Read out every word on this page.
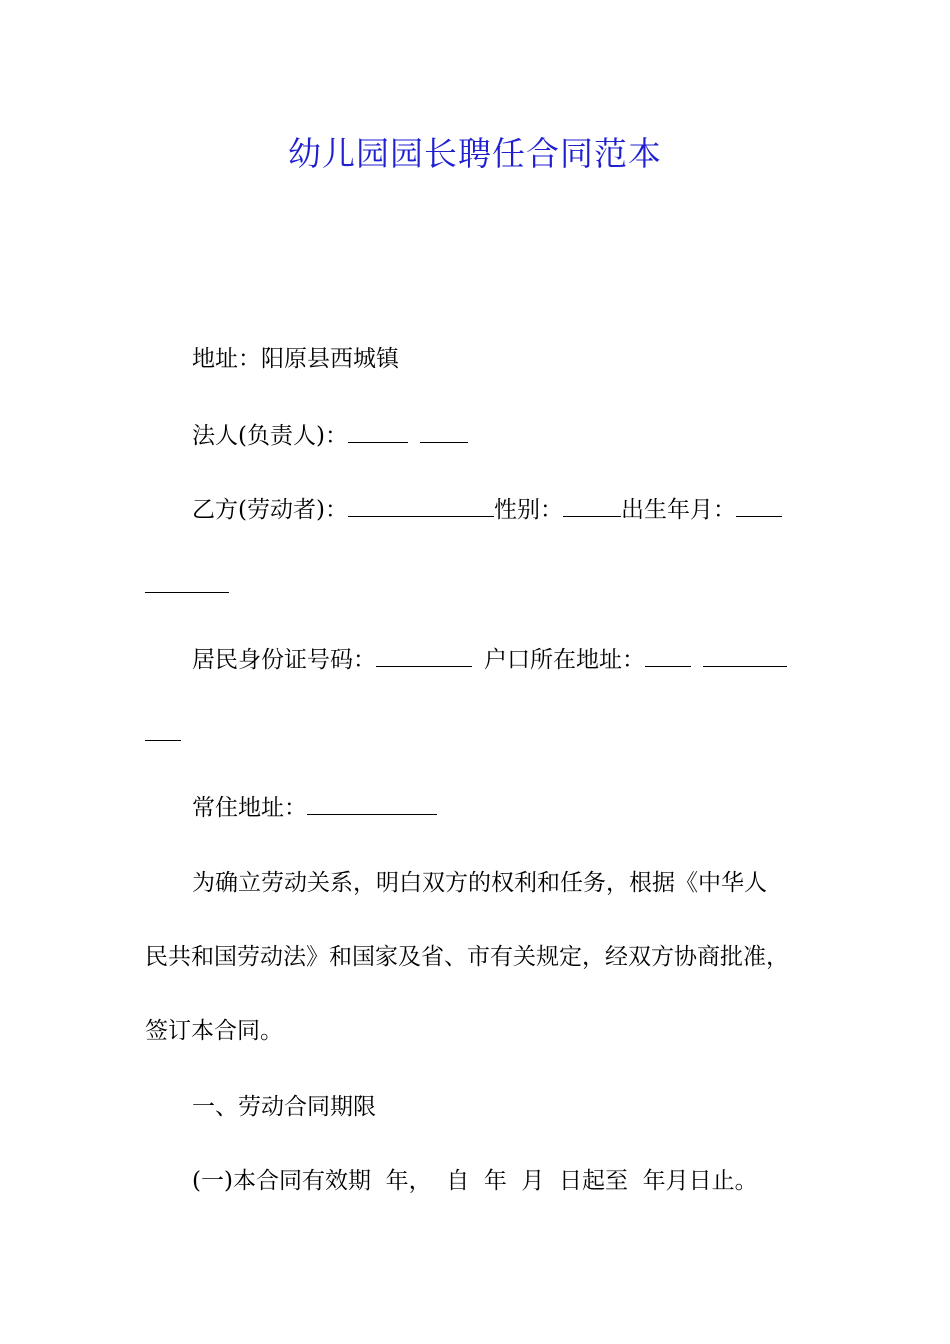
幼儿园园长聘任合同范本
地址：阳原县西城镇
法人(负责人)：
乙方(劳动者)：	性别：	出生年月：
居民身份证号码：	户口所在地址：
常住地址：
为确立劳动关系，明白双方的权利和任务，根据《中华人
民共和国劳动法》和国家及省、市有关规定，经双方协商批准，
签订本合同。
一、劳动合同期限
(一)本合同有效期  年，  自  年  月  日起至  年月日止。
